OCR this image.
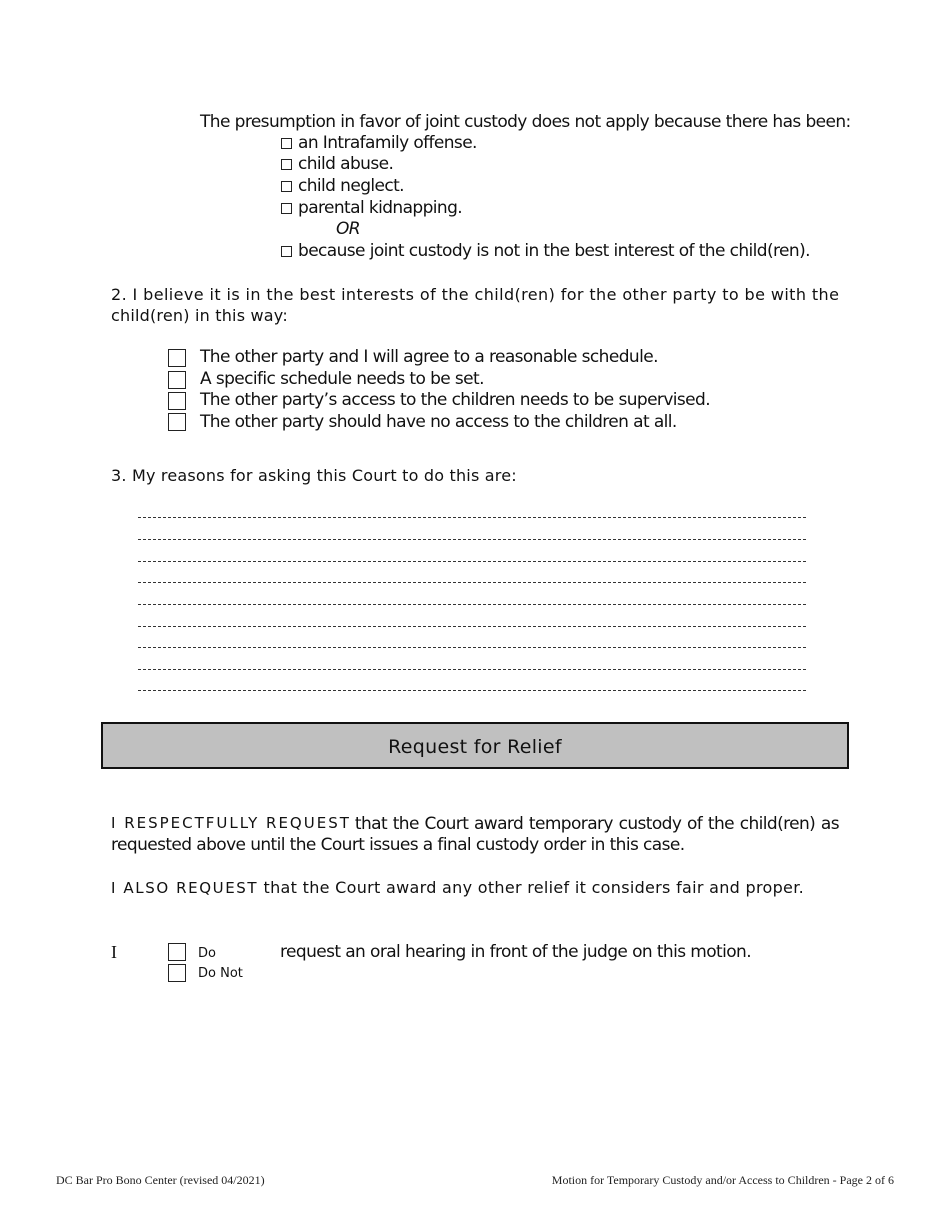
The presumption in favor of joint custody does not apply because there has been:
an Intrafamily offense.
child abuse.
child neglect.
parental kidnapping.
OR
because joint custody is not in the best interest of the child(ren).
2. I believe it is in the best interests of the child(ren) for the other party to be with the
child(ren) in this way:
The other party and I will agree to a reasonable schedule.
A specific schedule needs to be set.
The other party’s access to the children needs to be supervised.
The other party should have no access to the children at all.
3. My reasons for asking this Court to do this are:
Request for Relief
I RESPECTFULLY REQUEST that the Court award temporary custody of the child(ren) as
requested above until the Court issues a final custody order in this case.
I ALSO REQUEST that the Court award any other relief it considers fair and proper.
I	Do
Do Not
request an oral hearing in front of the judge on this motion.
DC Bar Pro Bono Center (revised 04/2021)	Motion for Temporary Custody and/or Access to Children - Page 2 of 6
